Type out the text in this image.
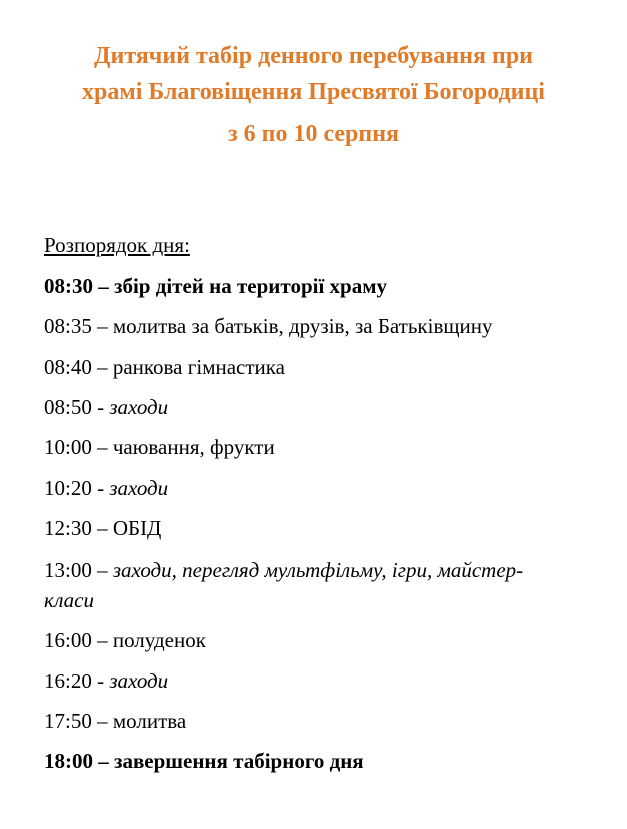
Дитячий табір денного перебування при
храмі Благовіщення Пресвятої Богородиці
з 6 по 10 серпня
Розпорядок дня:
08:30 – збір дітей на території храму
08:35 – молитва за батьків, друзів, за Батьківщину
08:40 – ранкова гімнастика
08:50 - заходи
10:00 – чаювання, фрукти
10:20 - заходи
12:30 – ОБІД
13:00 – заходи, перегляд мультфільму, ігри, майстер-класи
16:00 – полуденок
16:20 - заходи
17:50 – молитва
18:00 – завершення табірного дня
